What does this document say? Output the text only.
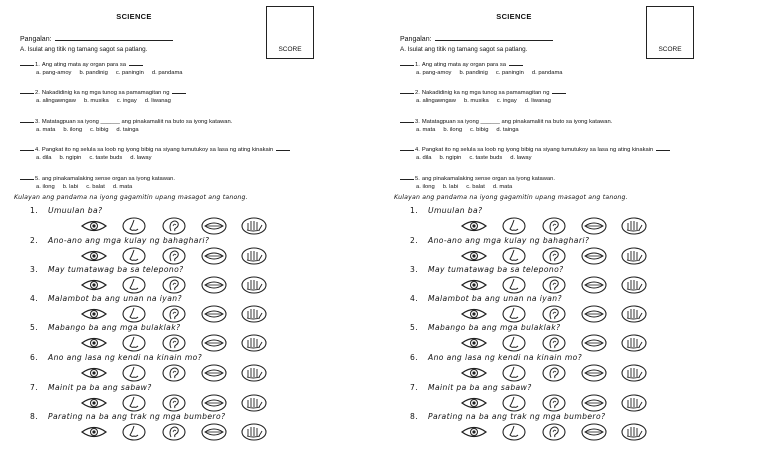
SCIENCE
Pangalan:
SCORE
A. Isulat ang titik ng tamang sagot sa patlang.
1. Ang ating mata ay organ para sa
a. pang-amoy b. pandinig c. paningin d. pandama
2. Nakadidinig ka ng mga tunog sa pamamagitan ng
a. alingawngaw b. musika c. ingay d. liwanag
3. Matatagpuan sa iyong ______ ang pinakamaliit na buto sa iyong katawan.
a. mata b. ilong c. bibig d. tainga
4. Pangkat ito ng selula sa loob ng iyong bibig na siyang tumutukoy sa lasa ng ating kinakain
a. dila b. ngipin c. taste buds d. laway
5. ang pinakamalaking sense organ sa iyong katawan.
a. ilong b. labi c. balat d. mata
Kulayan ang pandama na iyong gagamitin upang masagot ang tanong.
1. Umuulan ba?
2. Ano-ano ang mga kulay ng bahaghari?
3. May tumatawag ba sa telepono?
4. Malambot ba ang unan na iyan?
5. Mabango ba ang mga bulaklak?
6. Ano ang lasa ng kendi na kinain mo?
7. Mainit pa ba ang sabaw?
8. Parating na ba ang trak ng mga bumbero?
SCIENCE
Pangalan:
SCORE
A. Isulat ang titik ng tamang sagot sa patlang.
1. Ang ating mata ay organ para sa
a. pang-amoy b. pandinig c. paningin d. pandama
2. Nakadidinig ka ng mga tunog sa pamamagitan ng
a. alingawngaw b. musika c. ingay d. liwanag
3. Matatagpuan sa iyong ______ ang pinakamaliit na buto sa iyong katawan.
a. mata b. ilong c. bibig d. tainga
4. Pangkat ito ng selula sa loob ng iyong bibig na siyang tumutukoy sa lasa ng ating kinakain
a. dila b. ngipin c. taste buds d. laway
5. ang pinakamalaking sense organ sa iyong katawan.
a. ilong b. labi c. balat d. mata
Kulayan ang pandama na iyong gagamitin upang masagot ang tanong.
1. Umuulan ba?
2. Ano-ano ang mga kulay ng bahaghari?
3. May tumatawag ba sa telepono?
4. Malambot ba ang unan na iyan?
5. Mabango ba ang mga bulaklak?
6. Ano ang lasa ng kendi na kinain mo?
7. Mainit pa ba ang sabaw?
8. Parating na ba ang trak ng mga bumbero?
